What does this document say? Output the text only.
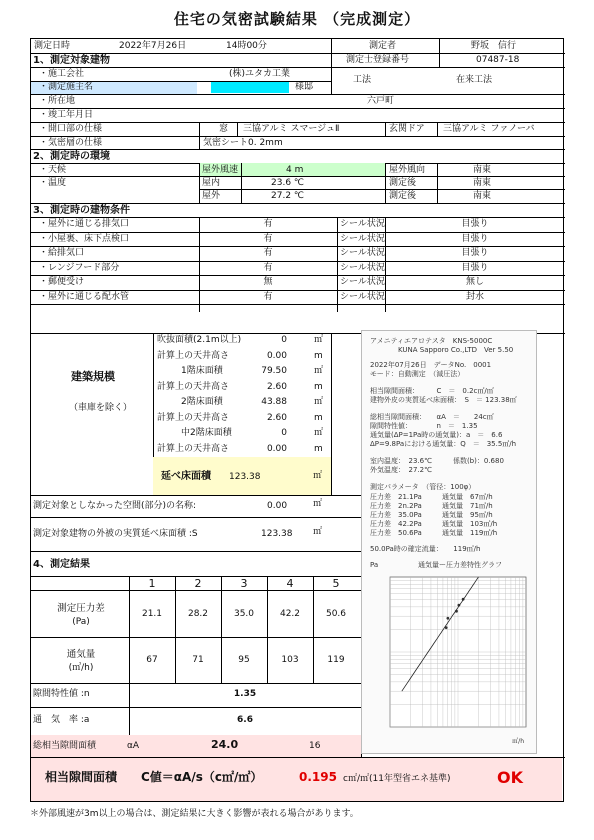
住宅の気密試験結果 （完成測定）
測定日時	2022年7月26日	14時00分	測定者	野坂　信行
1、測定対象建物	測定士登録番号	07487-18
・施工会社	(株)ユタカ工業
・測定施主名	様邸
工法	在来工法
・所在地	六戸町
・竣工年月日
・開口部の仕様	窓 三協アルミ スマージュⅡ	玄関ドア 三協アルミ ファノーバ
・気密層の仕様	気密シート0. 2mm
2、測定時の環境
・天候	屋外風速	4 m	屋外風向	南東
・温度	屋内	23.6 ℃	測定後	南東
屋外	27.2 ℃	測定後	南東
3、測定時の建物条件
・屋外に通じる排気口	有	シール状況	目張り
・小屋裏、床下点検口	有	シール状況	目張り
・給排気口	有	シール状況	目張り
・レンジフード部分	有	シール状況	目張り
・郵便受け	無	シール状況	無し
・屋外に通じる配水管	有	シール状況	封水
建築規模
（車庫を除く）
吹抜面積(2.1m以上)	0	㎡
計算上の天井高さ	0.00	m
1階床面積	79.50	㎡
計算上の天井高さ	2.60	m
2階床面積	43.88	㎡
計算上の天井高さ	2.60	m
中2階床面積	0	㎡
計算上の天井高さ	0.00	m
延べ床面積 123.38	㎡
測定対象としなかった空間(部分)の名称:	0.00	㎡
測定対象建物の外被の実質延べ床面積 :S	123.38 ㎡
4、測定結果
1	2	3	4	5
測定圧力差
(Pa)
21.1	28.2	35.0	42.2	50.6
通気量
(㎥/h)
67	71	95	103	119
隙間特性値 :n	1.35
通　気　率 :a	6.6
総相当隙間面積	αA	24.0	16
相当隙間面積 C値＝αA/s（c㎡/㎡）	0.195 c㎡/㎡(11年型省エネ基準)	OK
アメニティエアロテスタ　KNS-5000C
KUNA Sapporo Co.,LTD　Ver 5.50
2022年07月26日　データNo.　0001
モード：自動測定　（減圧法）
相当隙間面積：　　　C　＝　0.2c㎡/㎡
建物外皮の実質延べ床面積：　S　＝ 123.38㎡
総相当隙間面積：　　αA　＝　　24c㎡
隙間特性値：　　　　n　＝　1.35
通気量(ΔP=1Pa時の通気量)：a　＝　6.6
ΔP=9.8Paにおける通気量：Q　＝　35.5㎥/h
室内温度：　23.6℃　　　係数(b)：0.680
外気温度：　27.2℃
測定パラメータ　（管径：100φ）
圧力差　21.1Pa	通気量　67㎥/h
圧力差　2n.2Pa	通気量　71㎥/h
圧力差　35.0Pa	通気量　95㎥/h
圧力差　42.2Pa	通気量　103㎥/h
圧力差　50.6Pa	通気量　119㎥/h
50.0Pa時の確定流量：　　119㎥/h
Pa	通気量ー圧力差特性グラフ
㎥/h
＊外部風速が3m以上の場合は、測定結果に大きく影響が表れる場合があります。
